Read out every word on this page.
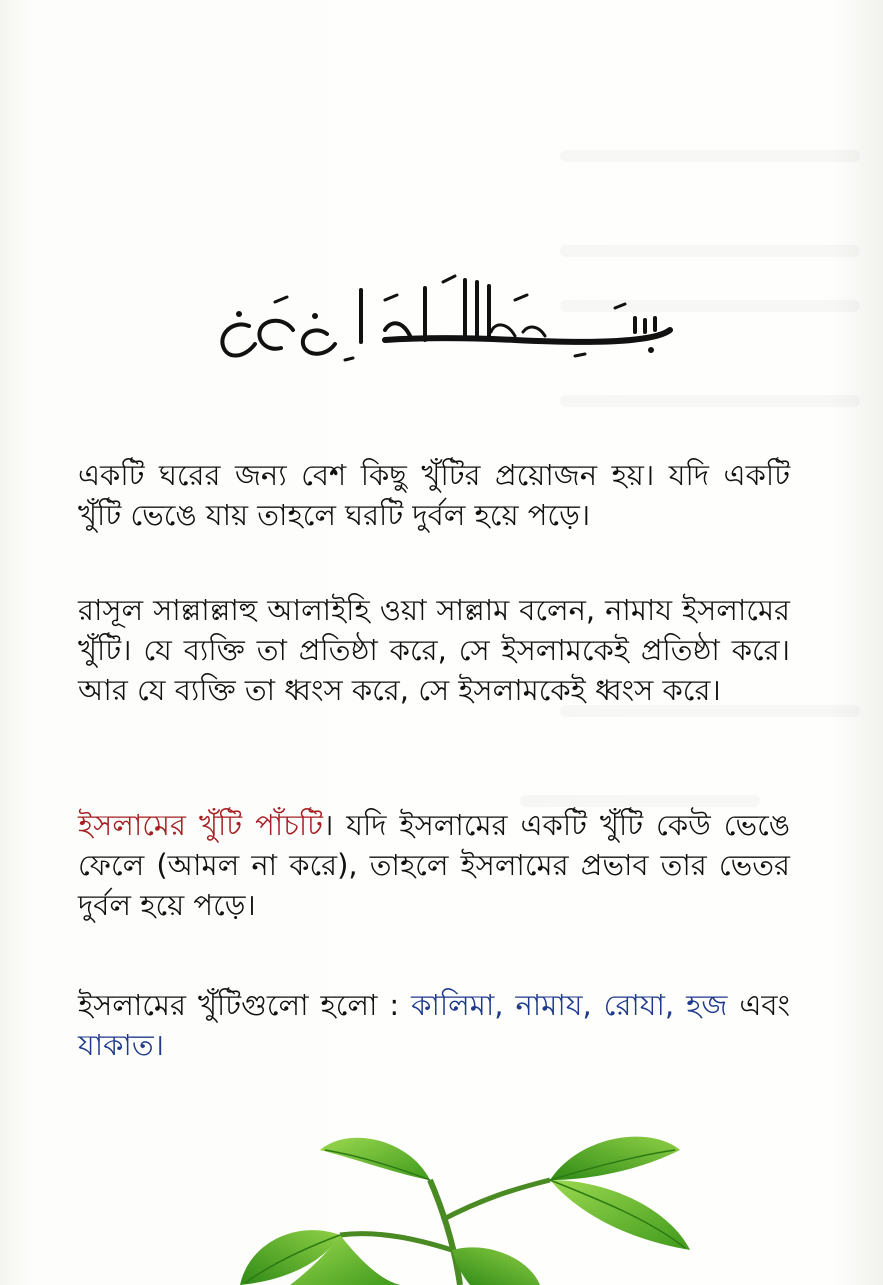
একটি ঘরের জন্য বেশ কিছু খুঁটির প্রয়োজন হয়। যদি একটি খুঁটি ভেঙে যায় তাহলে ঘরটি দুর্বল হয়ে পড়ে।

রাসূল সাল্লাল্লাহু আলাইহি ওয়া সাল্লাম বলেন, নামায ইসলামের খুঁটি। যে ব্যক্তি তা প্রতিষ্ঠা করে, সে ইসলামকেই প্রতিষ্ঠা করে। আর যে ব্যক্তি তা ধ্বংস করে, সে ইসলামকেই ধ্বংস করে।

ইসলামের খুঁটি পাঁচটি। যদি ইসলামের একটি খুঁটি কেউ ভেঙে ফেলে (আমল না করে), তাহলে ইসলামের প্রভাব তার ভেতর দুর্বল হয়ে পড়ে।

ইসলামের খুঁটিগুলো হলো : কালিমা, নামায, রোযা, হজ এবং যাকাত।
